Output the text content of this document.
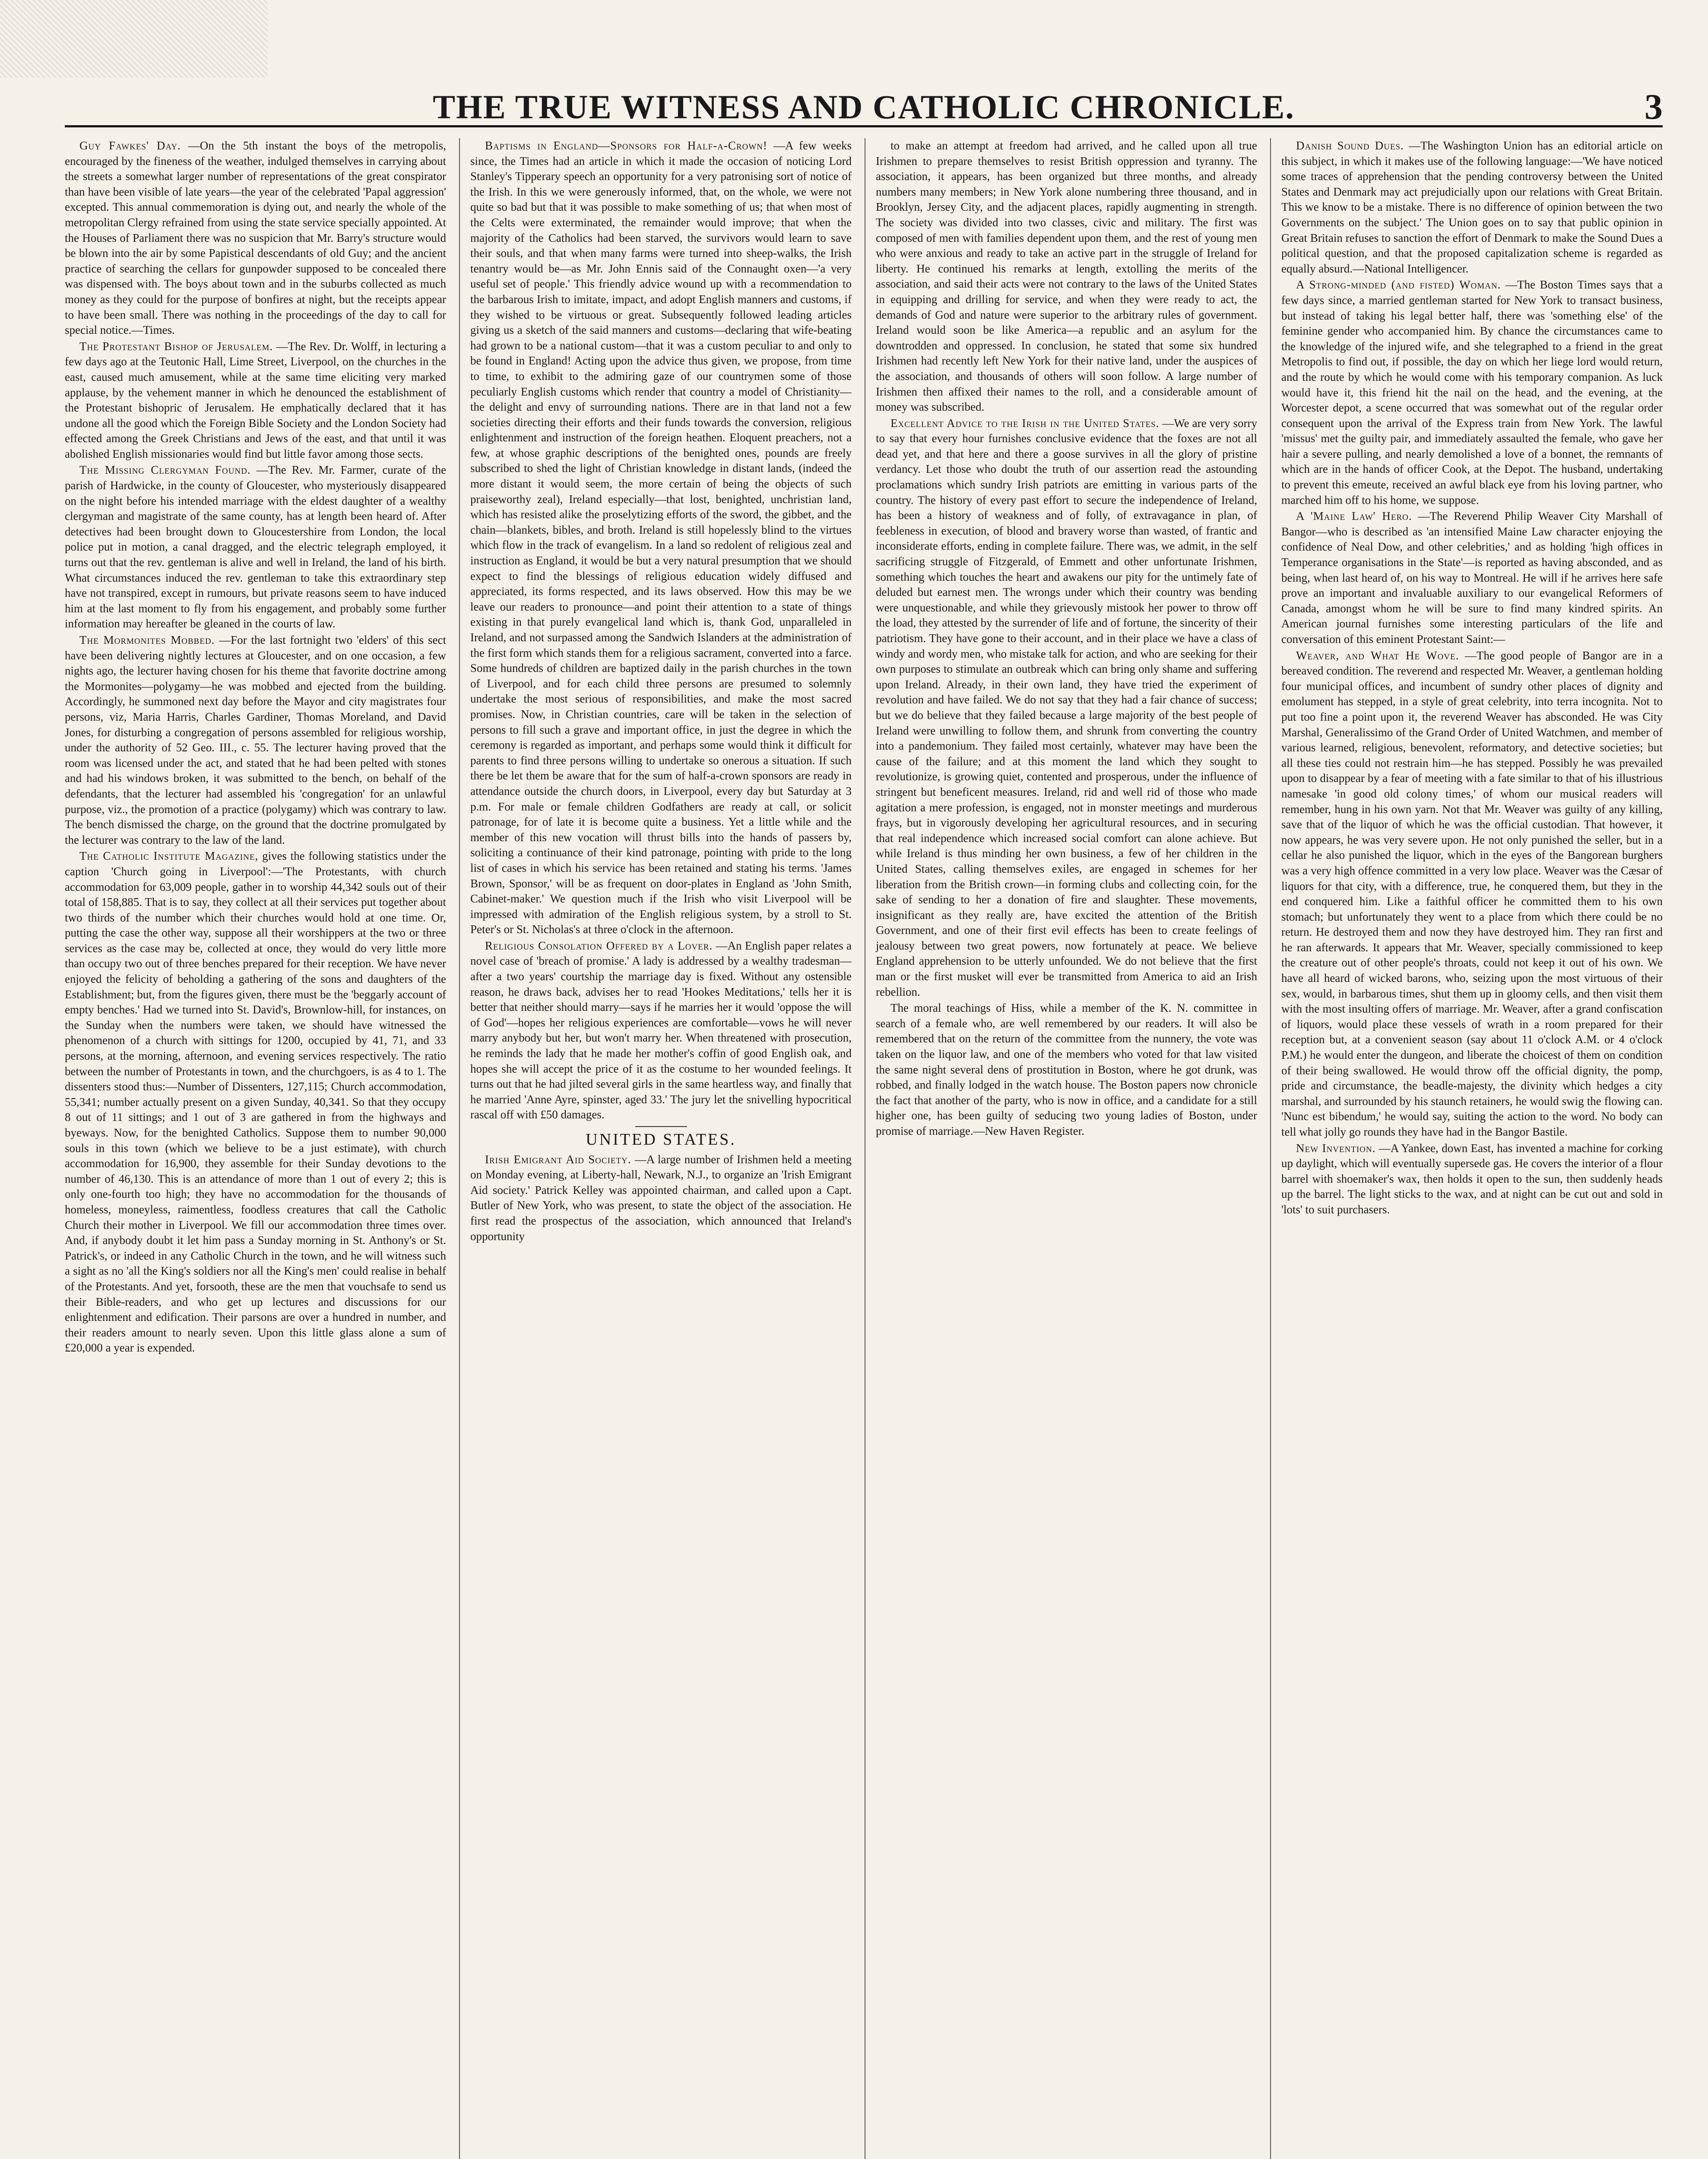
THE TRUE WITNESS AND CATHOLIC CHRONICLE.	3

Guy Fawkes' Day. —On the 5th instant the boys of the metropolis, encouraged by the fineness of the weather, indulged themselves in carrying about the streets a somewhat larger number of representations of the great conspirator than have been visible of late years—the year of the celebrated 'Papal aggression' excepted. This annual commemoration is dying out, and nearly the whole of the metropolitan Clergy refrained from using the state service specially appointed. At the Houses of Parliament there was no suspicion that Mr. Barry's structure would be blown into the air by some Papistical descendants of old Guy; and the ancient practice of searching the cellars for gunpowder supposed to be concealed there was dispensed with. The boys about town and in the suburbs collected as much money as they could for the purpose of bonfires at night, but the receipts appear to have been small. There was nothing in the proceedings of the day to call for special notice.—Times.

The Protestant Bishop of Jerusalem. —The Rev. Dr. Wolff, in lecturing a few days ago at the Teutonic Hall, Lime Street, Liverpool, on the churches in the east, caused much amusement, while at the same time eliciting very marked applause, by the vehement manner in which he denounced the establishment of the Protestant bishopric of Jerusalem. He emphatically declared that it has undone all the good which the Foreign Bible Society and the London Society had effected among the Greek Christians and Jews of the east, and that until it was abolished English missionaries would find but little favor among those sects.

The Missing Clergyman Found. —The Rev. Mr. Farmer, curate of the parish of Hardwicke, in the county of Gloucester, who mysteriously disappeared on the night before his intended marriage with the eldest daughter of a wealthy clergyman and magistrate of the same county, has at length been heard of. After detectives had been brought down to Gloucestershire from London, the local police put in motion, a canal dragged, and the electric telegraph employed, it turns out that the rev. gentleman is alive and well in Ireland, the land of his birth. What circumstances induced the rev. gentleman to take this extraordinary step have not transpired, except in rumours, but private reasons seem to have induced him at the last moment to fly from his engagement, and probably some further information may hereafter be gleaned in the courts of law.

The Mormonites Mobbed. —For the last fortnight two 'elders' of this sect have been delivering nightly lectures at Gloucester, and on one occasion, a few nights ago, the lecturer having chosen for his theme that favorite doctrine among the Mormonites—polygamy—he was mobbed and ejected from the building. Accordingly, he summoned next day before the Mayor and city magistrates four persons, viz, Maria Harris, Charles Gardiner, Thomas Moreland, and David Jones, for disturbing a congregation of persons assembled for religious worship, under the authority of 52 Geo. III., c. 55. The lecturer having proved that the room was licensed under the act, and stated that he had been pelted with stones and had his windows broken, it was submitted to the bench, on behalf of the defendants, that the lecturer had assembled his 'congregation' for an unlawful purpose, viz., the promotion of a practice (polygamy) which was contrary to law. The bench dismissed the charge, on the ground that the doctrine promulgated by the lecturer was contrary to the law of the land.

The Catholic Institute Magazine, gives the following statistics under the caption 'Church going in Liverpool':—'The Protestants, with church accommodation for 63,009 people, gather in to worship 44,342 souls out of their total of 158,885. That is to say, they collect at all their services put together about two thirds of the number which their churches would hold at one time. Or, putting the case the other way, suppose all their worshippers at the two or three services as the case may be, collected at once, they would do very little more than occupy two out of three benches prepared for their reception. We have never enjoyed the felicity of beholding a gathering of the sons and daughters of the Establishment; but, from the figures given, there must be the 'beggarly account of empty benches.' Had we turned into St. David's, Brownlow-hill, for instances, on the Sunday when the numbers were taken, we should have witnessed the phenomenon of a church with sittings for 1200, occupied by 41, 71, and 33 persons, at the morning, afternoon, and evening services respectively. The ratio between the number of Protestants in town, and the churchgoers, is as 4 to 1. The dissenters stood thus:—Number of Dissenters, 127,115; Church accommodation, 55,341; number actually present on a given Sunday, 40,341. So that they occupy 8 out of 11 sittings; and 1 out of 3 are gathered in from the highways and byeways. Now, for the benighted Catholics. Suppose them to number 90,000 souls in this town (which we believe to be a just estimate), with church accommodation for 16,900, they assemble for their Sunday devotions to the number of 46,130. This is an attendance of more than 1 out of every 2; this is only one-fourth too high; they have no accommodation for the thousands of homeless, moneyless, raimentless, foodless creatures that call the Catholic Church their mother in Liverpool. We fill our accommodation three times over. And, if anybody doubt it let him pass a Sunday morning in St. Anthony's or St. Patrick's, or indeed in any Catholic Church in the town, and he will witness such a sight as no 'all the King's soldiers nor all the King's men' could realise in behalf of the Protestants. And yet, forsooth, these are the men that vouchsafe to send us their Bible-readers, and who get up lectures and discussions for our enlightenment and edification. Their parsons are over a hundred in number, and their readers amount to nearly seven. Upon this little glass alone a sum of £20,000 a year is expended.

Baptisms in England—Sponsors for Half-a-Crown! —A few weeks since, the Times had an article in which it made the occasion of noticing Lord Stanley's Tipperary speech an opportunity for a very patronising sort of notice of the Irish. In this we were generously informed, that, on the whole, we were not quite so bad but that it was possible to make something of us; that when most of the Celts were exterminated, the remainder would improve; that when the majority of the Catholics had been starved, the survivors would learn to save their souls, and that when many farms were turned into sheep-walks, the Irish tenantry would be—as Mr. John Ennis said of the Connaught oxen—'a very useful set of people.' This friendly advice wound up with a recommendation to the barbarous Irish to imitate, impact, and adopt English manners and customs, if they wished to be virtuous or great. Subsequently followed leading articles giving us a sketch of the said manners and customs—declaring that wife-beating had grown to be a national custom—that it was a custom peculiar to and only to be found in England! Acting upon the advice thus given, we propose, from time to time, to exhibit to the admiring gaze of our countrymen some of those peculiarly English customs which render that country a model of Christianity—the delight and envy of surrounding nations. There are in that land not a few societies directing their efforts and their funds towards the conversion, religious enlightenment and instruction of the foreign heathen. Eloquent preachers, not a few, at whose graphic descriptions of the benighted ones, pounds are freely subscribed to shed the light of Christian knowledge in distant lands, (indeed the more distant it would seem, the more certain of being the objects of such praiseworthy zeal), Ireland especially—that lost, benighted, unchristian land, which has resisted alike the proselytizing efforts of the sword, the gibbet, and the chain—blankets, bibles, and broth. Ireland is still hopelessly blind to the virtues which flow in the track of evangelism. In a land so redolent of religious zeal and instruction as England, it would be but a very natural presumption that we should expect to find the blessings of religious education widely diffused and appreciated, its forms respected, and its laws observed. How this may be we leave our readers to pronounce—and point their attention to a state of things existing in that purely evangelical land which is, thank God, unparalleled in Ireland, and not surpassed among the Sandwich Islanders at the administration of the first form which stands them for a religious sacrament, converted into a farce. Some hundreds of children are baptized daily in the parish churches in the town of Liverpool, and for each child three persons are presumed to solemnly undertake the most serious of responsibilities, and make the most sacred promises. Now, in Christian countries, care will be taken in the selection of persons to fill such a grave and important office, in just the degree in which the ceremony is regarded as important, and perhaps some would think it difficult for parents to find three persons willing to undertake so onerous a situation. If such there be let them be aware that for the sum of half-a-crown sponsors are ready in attendance outside the church doors, in Liverpool, every day but Saturday at 3 p.m. For male or female children Godfathers are ready at call, or solicit patronage, for of late it is become quite a business. Yet a little while and the member of this new vocation will thrust bills into the hands of passers by, soliciting a continuance of their kind patronage, pointing with pride to the long list of cases in which his service has been retained and stating his terms. 'James Brown, Sponsor,' will be as frequent on door-plates in England as 'John Smith, Cabinet-maker.' We question much if the Irish who visit Liverpool will be impressed with admiration of the English religious system, by a stroll to St. Peter's or St. Nicholas's at three o'clock in the afternoon.

Religious Consolation Offered by a Lover. —An English paper relates a novel case of 'breach of promise.' A lady is addressed by a wealthy tradesman—after a two years' courtship the marriage day is fixed. Without any ostensible reason, he draws back, advises her to read 'Hookes Meditations,' tells her it is better that neither should marry—says if he marries her it would 'oppose the will of God'—hopes her religious experiences are comfortable—vows he will never marry anybody but her, but won't marry her. When threatened with prosecution, he reminds the lady that he made her mother's coffin of good English oak, and hopes she will accept the price of it as the costume to her wounded feelings. It turns out that he had jilted several girls in the same heartless way, and finally that he married 'Anne Ayre, spinster, aged 33.' The jury let the snivelling hypocritical rascal off with £50 damages.

UNITED STATES.

Irish Emigrant Aid Society. —A large number of Irishmen held a meeting on Monday evening, at Liberty-hall, Newark, N.J., to organize an 'Irish Emigrant Aid society.' Patrick Kelley was appointed chairman, and called upon a Capt. Butler of New York, who was present, to state the object of the association. He first read the prospectus of the association, which announced that Ireland's opportunity

to make an attempt at freedom had arrived, and he called upon all true Irishmen to prepare themselves to resist British oppression and tyranny. The association, it appears, has been organized but three months, and already numbers many members; in New York alone numbering three thousand, and in Brooklyn, Jersey City, and the adjacent places, rapidly augmenting in strength. The society was divided into two classes, civic and military. The first was composed of men with families dependent upon them, and the rest of young men who were anxious and ready to take an active part in the struggle of Ireland for liberty. He continued his remarks at length, extolling the merits of the association, and said their acts were not contrary to the laws of the United States in equipping and drilling for service, and when they were ready to act, the demands of God and nature were superior to the arbitrary rules of government. Ireland would soon be like America—a republic and an asylum for the downtrodden and oppressed. In conclusion, he stated that some six hundred Irishmen had recently left New York for their native land, under the auspices of the association, and thousands of others will soon follow. A large number of Irishmen then affixed their names to the roll, and a considerable amount of money was subscribed.

Excellent Advice to the Irish in the United States. —We are very sorry to say that every hour furnishes conclusive evidence that the foxes are not all dead yet, and that here and there a goose survives in all the glory of pristine verdancy. Let those who doubt the truth of our assertion read the astounding proclamations which sundry Irish patriots are emitting in various parts of the country. The history of every past effort to secure the independence of Ireland, has been a history of weakness and of folly, of extravagance in plan, of feebleness in execution, of blood and bravery worse than wasted, of frantic and inconsiderate efforts, ending in complete failure. There was, we admit, in the self sacrificing struggle of Fitzgerald, of Emmett and other unfortunate Irishmen, something which touches the heart and awakens our pity for the untimely fate of deluded but earnest men. The wrongs under which their country was bending were unquestionable, and while they grievously mistook her power to throw off the load, they attested by the surrender of life and of fortune, the sincerity of their patriotism. They have gone to their account, and in their place we have a class of windy and wordy men, who mistake talk for action, and who are seeking for their own purposes to stimulate an outbreak which can bring only shame and suffering upon Ireland. Already, in their own land, they have tried the experiment of revolution and have failed. We do not say that they had a fair chance of success; but we do believe that they failed because a large majority of the best people of Ireland were unwilling to follow them, and shrunk from converting the country into a pandemonium. They failed most certainly, whatever may have been the cause of the failure; and at this moment the land which they sought to revolutionize, is growing quiet, contented and prosperous, under the influence of stringent but beneficent measures. Ireland, rid and well rid of those who made agitation a mere profession, is engaged, not in monster meetings and murderous frays, but in vigorously developing her agricultural resources, and in securing that real independence which increased social comfort can alone achieve. But while Ireland is thus minding her own business, a few of her children in the United States, calling themselves exiles, are engaged in schemes for her liberation from the British crown—in forming clubs and collecting coin, for the sake of sending to her a donation of fire and slaughter. These movements, insignificant as they really are, have excited the attention of the British Government, and one of their first evil effects has been to create feelings of jealousy between two great powers, now fortunately at peace. We believe England apprehension to be utterly unfounded. We do not believe that the first man or the first musket will ever be transmitted from America to aid an Irish rebellion.

The moral teachings of Hiss, while a member of the K. N. committee in search of a female who, are well remembered by our readers. It will also be remembered that on the return of the committee from the nunnery, the vote was taken on the liquor law, and one of the members who voted for that law visited the same night several dens of prostitution in Boston, where he got drunk, was robbed, and finally lodged in the watch house. The Boston papers now chronicle the fact that another of the party, who is now in office, and a candidate for a still higher one, has been guilty of seducing two young ladies of Boston, under promise of marriage.—New Haven Register.

Danish Sound Dues. —The Washington Union has an editorial article on this subject, in which it makes use of the following language:—'We have noticed some traces of apprehension that the pending controversy between the United States and Denmark may act prejudicially upon our relations with Great Britain. This we know to be a mistake. There is no difference of opinion between the two Governments on the subject.' The Union goes on to say that public opinion in Great Britain refuses to sanction the effort of Denmark to make the Sound Dues a political question, and that the proposed capitalization scheme is regarded as equally absurd.—National Intelligencer.

A Strong-minded (and fisted) Woman. —The Boston Times says that a few days since, a married gentleman started for New York to transact business, but instead of taking his legal better half, there was 'something else' of the feminine gender who accompanied him. By chance the circumstances came to the knowledge of the injured wife, and she telegraphed to a friend in the great Metropolis to find out, if possible, the day on which her liege lord would return, and the route by which he would come with his temporary companion. As luck would have it, this friend hit the nail on the head, and the evening, at the Worcester depot, a scene occurred that was somewhat out of the regular order consequent upon the arrival of the Express train from New York. The lawful 'missus' met the guilty pair, and immediately assaulted the female, who gave her hair a severe pulling, and nearly demolished a love of a bonnet, the remnants of which are in the hands of officer Cook, at the Depot. The husband, undertaking to prevent this emeute, received an awful black eye from his loving partner, who marched him off to his home, we suppose.

A 'Maine Law' Hero. —The Reverend Philip Weaver City Marshall of Bangor—who is described as 'an intensified Maine Law character enjoying the confidence of Neal Dow, and other celebrities,' and as holding 'high offices in Temperance organisations in the State'—is reported as having absconded, and as being, when last heard of, on his way to Montreal. He will if he arrives here safe prove an important and invaluable auxiliary to our evangelical Reformers of Canada, amongst whom he will be sure to find many kindred spirits. An American journal furnishes some interesting particulars of the life and conversation of this eminent Protestant Saint:—

Weaver, and What He Wove. —The good people of Bangor are in a bereaved condition. The reverend and respected Mr. Weaver, a gentleman holding four municipal offices, and incumbent of sundry other places of dignity and emolument has stepped, in a style of great celebrity, into terra incognita. Not to put too fine a point upon it, the reverend Weaver has absconded. He was City Marshal, Generalissimo of the Grand Order of United Watchmen, and member of various learned, religious, benevolent, reformatory, and detective societies; but all these ties could not restrain him—he has stepped. Possibly he was prevailed upon to disappear by a fear of meeting with a fate similar to that of his illustrious namesake 'in good old colony times,' of whom our musical readers will remember, hung in his own yarn. Not that Mr. Weaver was guilty of any killing, save that of the liquor of which he was the official custodian. That however, it now appears, he was very severe upon. He not only punished the seller, but in a cellar he also punished the liquor, which in the eyes of the Bangorean burghers was a very high offence committed in a very low place. Weaver was the Cæsar of liquors for that city, with a difference, true, he conquered them, but they in the end conquered him. Like a faithful officer he committed them to his own stomach; but unfortunately they went to a place from which there could be no return. He destroyed them and now they have destroyed him. They ran first and he ran afterwards. It appears that Mr. Weaver, specially commissioned to keep the creature out of other people's throats, could not keep it out of his own. We have all heard of wicked barons, who, seizing upon the most virtuous of their sex, would, in barbarous times, shut them up in gloomy cells, and then visit them with the most insulting offers of marriage. Mr. Weaver, after a grand confiscation of liquors, would place these vessels of wrath in a room prepared for their reception but, at a convenient season (say about 11 o'clock A.M. or 4 o'clock P.M.) he would enter the dungeon, and liberate the choicest of them on condition of their being swallowed. He would throw off the official dignity, the pomp, pride and circumstance, the beadle-majesty, the divinity which hedges a city marshal, and surrounded by his staunch retainers, he would swig the flowing can. 'Nunc est bibendum,' he would say, suiting the action to the word. No body can tell what jolly go rounds they have had in the Bangor Bastile.

New Invention. —A Yankee, down East, has invented a machine for corking up daylight, which will eventually supersede gas. He covers the interior of a flour barrel with shoemaker's wax, then holds it open to the sun, then suddenly heads up the barrel. The light sticks to the wax, and at night can be cut out and sold in 'lots' to suit purchasers.
